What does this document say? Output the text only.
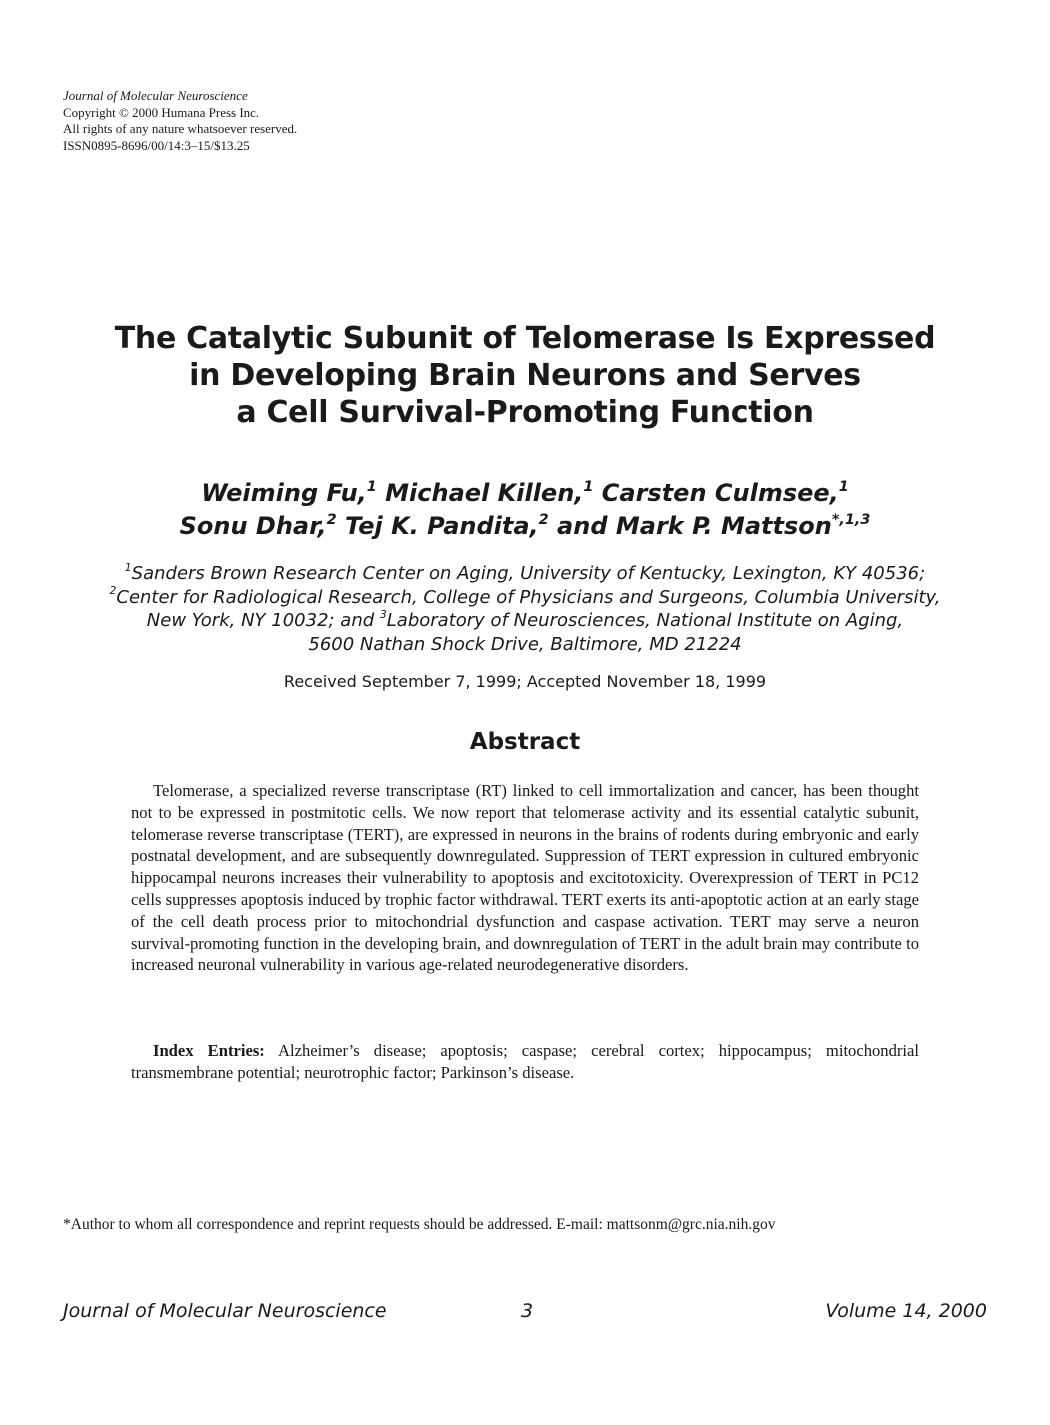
Journal of Molecular Neuroscience
Copyright © 2000 Humana Press Inc.
All rights of any nature whatsoever reserved.
ISSN0895-8696/00/14:3–15/$13.25
The Catalytic Subunit of Telomerase Is Expressed
in Developing Brain Neurons and Serves
a Cell Survival-Promoting Function
Weiming Fu,$^1$ Michael Killen,$^1$ Carsten Culmsee,$^1$
Sonu Dhar,$^2$ Tej K. Pandita,$^2$ and Mark P. Mattson$^{*,1,3}$
$^1$Sanders Brown Research Center on Aging, University of Kentucky, Lexington, KY 40536;
$^2$Center for Radiological Research, College of Physicians and Surgeons, Columbia University,
New York, NY 10032; and $^3$Laboratory of Neurosciences, National Institute on Aging,
5600 Nathan Shock Drive, Baltimore, MD 21224
Received September 7, 1999; Accepted November 18, 1999
Abstract

Telomerase, a specialized reverse transcriptase (RT) linked to cell immortalization and cancer, has been thought not to be expressed in postmitotic cells. We now report that telomerase activity and its essential catalytic subunit, telomerase reverse transcriptase (TERT), are expressed in neurons in the brains of rodents during embryonic and early postnatal development, and are subsequently downregulated. Suppression of TERT expression in cultured embryonic hippocampal neurons increases their vulnerability to apoptosis and excitotoxicity. Overexpression of TERT in PC12 cells suppresses apoptosis induced by trophic factor withdrawal. TERT exerts its anti-apoptotic action at an early stage of the cell death process prior to mitochondrial dysfunction and caspase activation. TERT may serve a neuron survival-promoting function in the developing brain, and downregulation of TERT in the adult brain may contribute to increased neuronal vulnerability in various age-related neurodegenerative disorders.

Index Entries: Alzheimer’s disease; apoptosis; caspase; cerebral cortex; hippocampus; mitochondrial transmembrane potential; neurotrophic factor; Parkinson’s disease.

*Author to whom all correspondence and reprint requests should be addressed. E-mail: mattsonm@grc.nia.nih.gov
Journal of Molecular Neuroscience	3	Volume 14, 2000
